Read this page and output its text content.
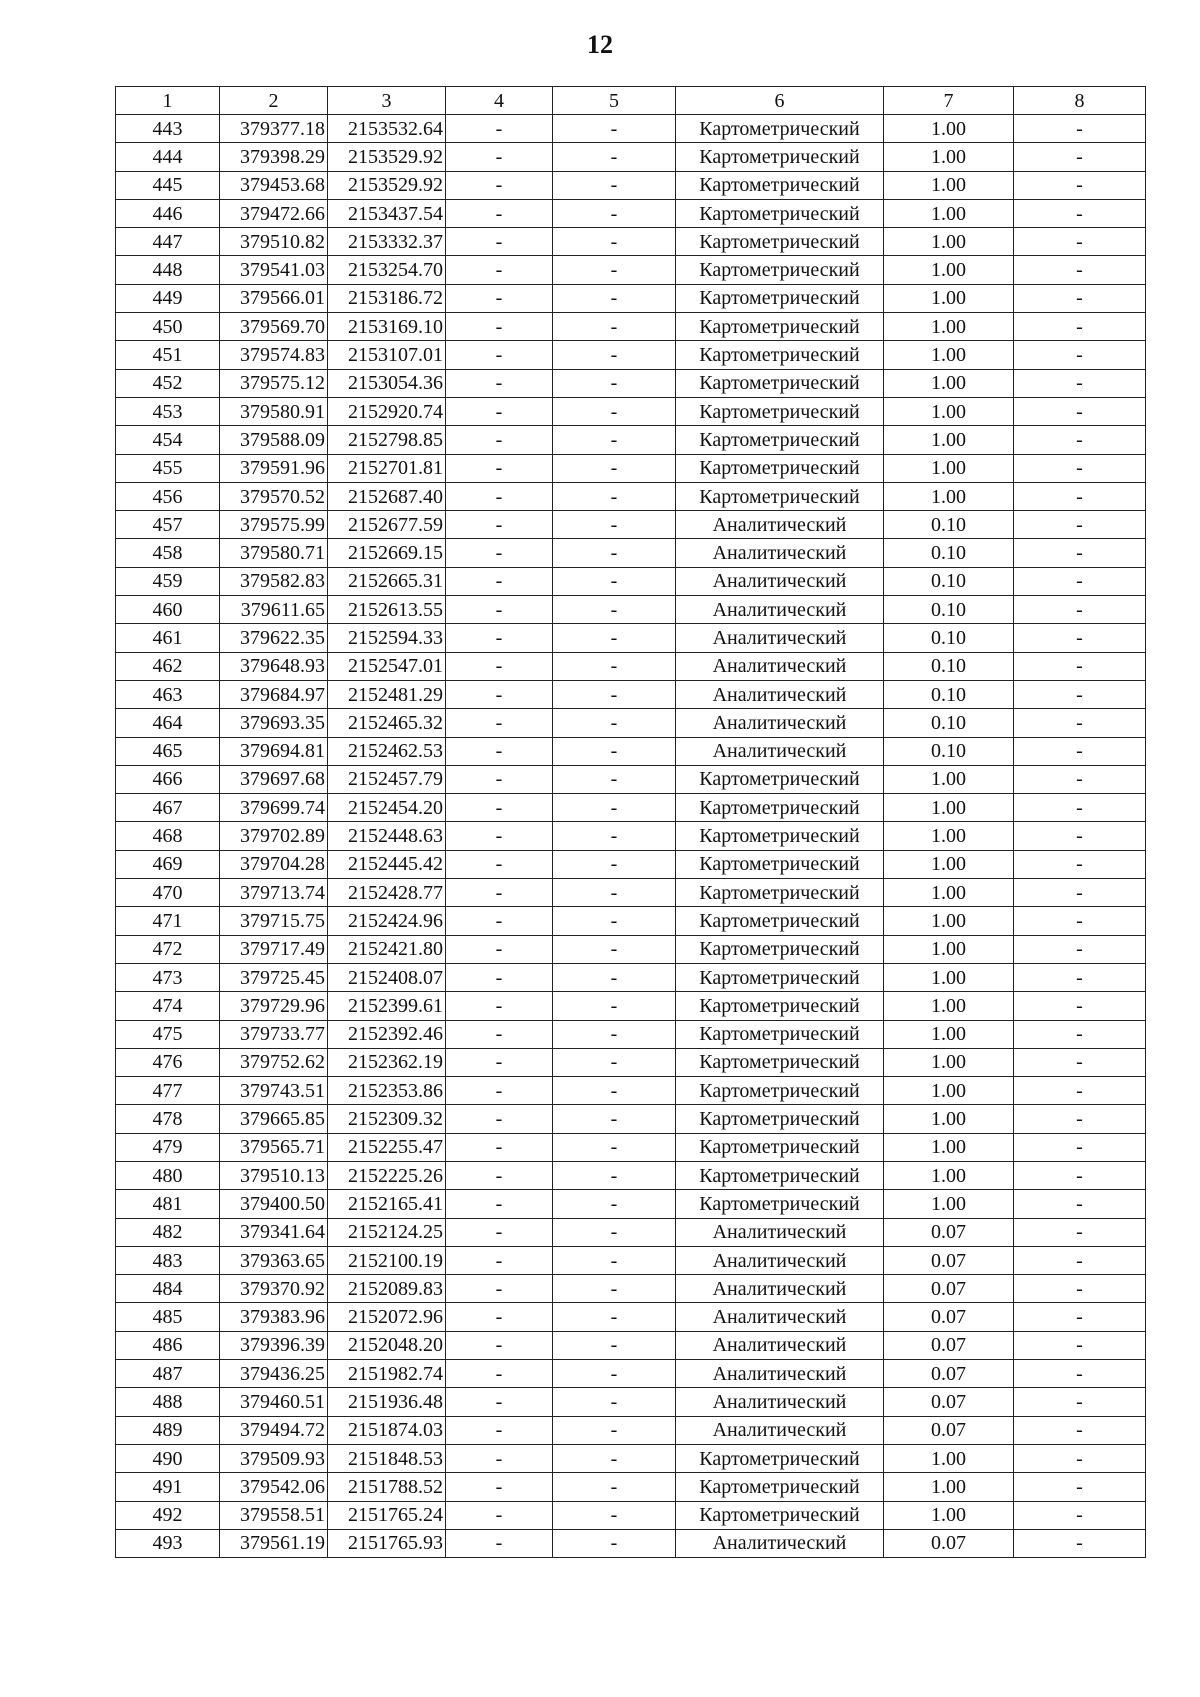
12
1	2	3	4	5	6	7	8
443	379377.18	2153532.64	-	-	Картометрический	1.00	-
444	379398.29	2153529.92	-	-	Картометрический	1.00	-
445	379453.68	2153529.92	-	-	Картометрический	1.00	-
446	379472.66	2153437.54	-	-	Картометрический	1.00	-
447	379510.82	2153332.37	-	-	Картометрический	1.00	-
448	379541.03	2153254.70	-	-	Картометрический	1.00	-
449	379566.01	2153186.72	-	-	Картометрический	1.00	-
450	379569.70	2153169.10	-	-	Картометрический	1.00	-
451	379574.83	2153107.01	-	-	Картометрический	1.00	-
452	379575.12	2153054.36	-	-	Картометрический	1.00	-
453	379580.91	2152920.74	-	-	Картометрический	1.00	-
454	379588.09	2152798.85	-	-	Картометрический	1.00	-
455	379591.96	2152701.81	-	-	Картометрический	1.00	-
456	379570.52	2152687.40	-	-	Картометрический	1.00	-
457	379575.99	2152677.59	-	-	Аналитический	0.10	-
458	379580.71	2152669.15	-	-	Аналитический	0.10	-
459	379582.83	2152665.31	-	-	Аналитический	0.10	-
460	379611.65	2152613.55	-	-	Аналитический	0.10	-
461	379622.35	2152594.33	-	-	Аналитический	0.10	-
462	379648.93	2152547.01	-	-	Аналитический	0.10	-
463	379684.97	2152481.29	-	-	Аналитический	0.10	-
464	379693.35	2152465.32	-	-	Аналитический	0.10	-
465	379694.81	2152462.53	-	-	Аналитический	0.10	-
466	379697.68	2152457.79	-	-	Картометрический	1.00	-
467	379699.74	2152454.20	-	-	Картометрический	1.00	-
468	379702.89	2152448.63	-	-	Картометрический	1.00	-
469	379704.28	2152445.42	-	-	Картометрический	1.00	-
470	379713.74	2152428.77	-	-	Картометрический	1.00	-
471	379715.75	2152424.96	-	-	Картометрический	1.00	-
472	379717.49	2152421.80	-	-	Картометрический	1.00	-
473	379725.45	2152408.07	-	-	Картометрический	1.00	-
474	379729.96	2152399.61	-	-	Картометрический	1.00	-
475	379733.77	2152392.46	-	-	Картометрический	1.00	-
476	379752.62	2152362.19	-	-	Картометрический	1.00	-
477	379743.51	2152353.86	-	-	Картометрический	1.00	-
478	379665.85	2152309.32	-	-	Картометрический	1.00	-
479	379565.71	2152255.47	-	-	Картометрический	1.00	-
480	379510.13	2152225.26	-	-	Картометрический	1.00	-
481	379400.50	2152165.41	-	-	Картометрический	1.00	-
482	379341.64	2152124.25	-	-	Аналитический	0.07	-
483	379363.65	2152100.19	-	-	Аналитический	0.07	-
484	379370.92	2152089.83	-	-	Аналитический	0.07	-
485	379383.96	2152072.96	-	-	Аналитический	0.07	-
486	379396.39	2152048.20	-	-	Аналитический	0.07	-
487	379436.25	2151982.74	-	-	Аналитический	0.07	-
488	379460.51	2151936.48	-	-	Аналитический	0.07	-
489	379494.72	2151874.03	-	-	Аналитический	0.07	-
490	379509.93	2151848.53	-	-	Картометрический	1.00	-
491	379542.06	2151788.52	-	-	Картометрический	1.00	-
492	379558.51	2151765.24	-	-	Картометрический	1.00	-
493	379561.19	2151765.93	-	-	Аналитический	0.07	-
